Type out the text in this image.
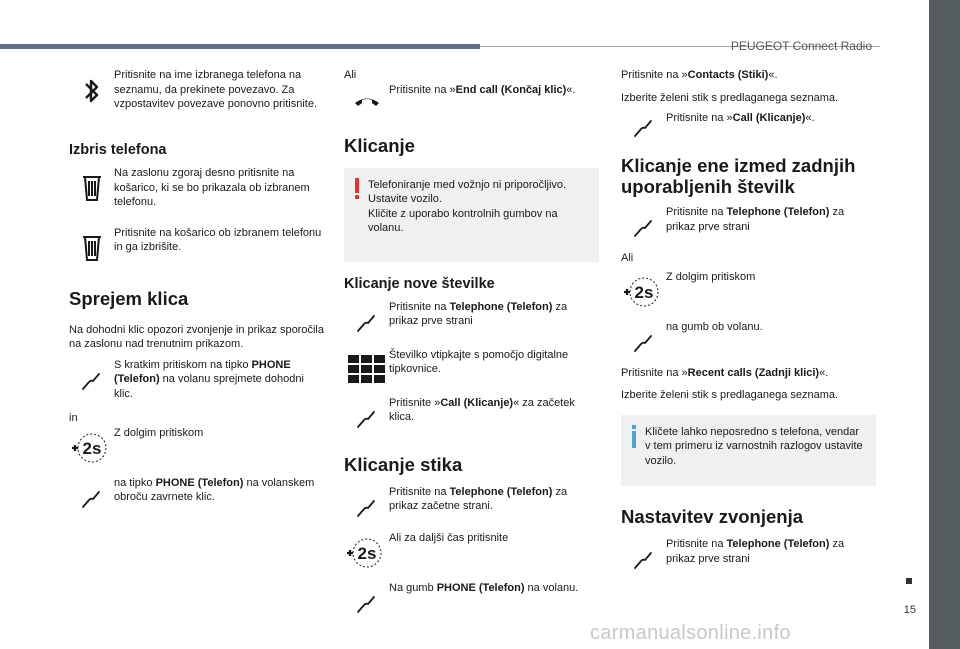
PEUGEOT Connect Radio
15
carmanualsonline.info

Pritisnite na ime izbranega telefona na seznamu, da prekinete povezavo. Za vzpostavitev povezave ponovno pritisnite.

Izbris telefona

Na zaslonu zgoraj desno pritisnite na košarico, ki se bo prikazala ob izbranem telefonu.

Pritisnite na košarico ob izbranem telefonu in ga izbrišite.

Sprejem klica

Na dohodni klic opozori zvonjenje in prikaz sporočila na zaslonu nad trenutnim prikazom.

S kratkim pritiskom na tipko PHONE (Telefon) na volanu sprejmete dohodni klic.

in

2s

Z dolgim pritiskom

na tipko PHONE (Telefon) na volanskem obroču zavrnete klic.

Ali

Pritisnite na »End call (Končaj klic)«.

Klicanje

Telefoniranje med vožnjo ni priporočljivo.

Ustavite vozilo.

Kličite z uporabo kontrolnih gumbov na volanu.

Klicanje nove številke

Pritisnite na Telephone (Telefon) za prikaz prve strani

Številko vtipkajte s pomočjo digitalne tipkovnice.

Pritisnite »Call (Klicanje)« za začetek klica.

Klicanje stika

Pritisnite na Telephone (Telefon) za prikaz začetne strani.

2s

Ali za daljši čas pritisnite

Na gumb PHONE (Telefon) na volanu.

Pritisnite na »Contacts (Stiki)«.

Izberite želeni stik s predlaganega seznama.

Pritisnite na »Call (Klicanje)«.

Klicanje ene izmed zadnjih uporabljenih številk

Pritisnite na Telephone (Telefon) za prikaz prve strani

Ali

2s

Z dolgim pritiskom

na gumb ob volanu.

Pritisnite na »Recent calls (Zadnji klici)«.

Izberite želeni stik s predlaganega seznama.

Kličete lahko neposredno s telefona, vendar v tem primeru iz varnostnih razlogov ustavite vozilo.

Nastavitev zvonjenja

Pritisnite na Telephone (Telefon) za prikaz prve strani
